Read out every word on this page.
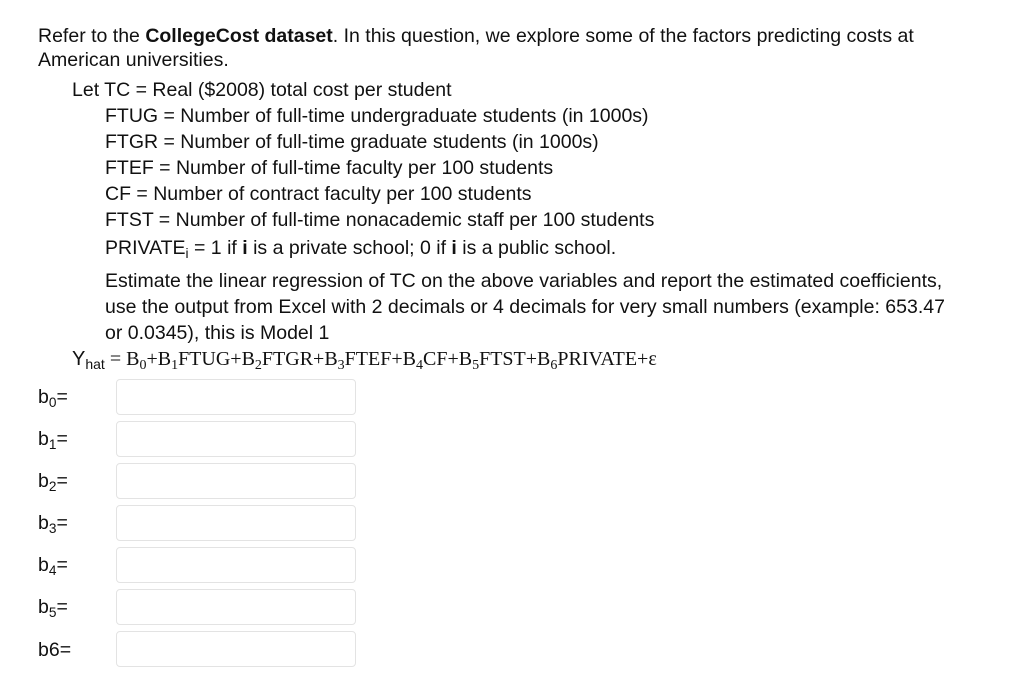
Refer to the CollegeCost dataset. In this question, we explore some of the factors predicting costs at American universities.
Let TC = Real ($2008) total cost per student
FTUG = Number of full-time undergraduate students (in 1000s)
FTGR = Number of full-time graduate students (in 1000s)
FTEF = Number of full-time faculty per 100 students
CF = Number of contract faculty per 100 students
FTST = Number of full-time nonacademic staff per 100 students
$PRIVATE_i = 1$ if i is a private school; 0 if i is a public school.
Estimate the linear regression of TC on the above variables and report the estimated coefficients, use the output from Excel with 2 decimals or 4 decimals for very small numbers (example: 653.47 or 0.0345), this is Model 1
$Y_{hat}$ = $B_0+B_1FTUG+B_2FTGR+B_3FTEF+B_4CF+B_5FTST+B_6PRIVATE+\varepsilon$
$b_0=$
$b_1=$
$b_2=$
$b_3=$
$b_4=$
$b_5=$
b6=
